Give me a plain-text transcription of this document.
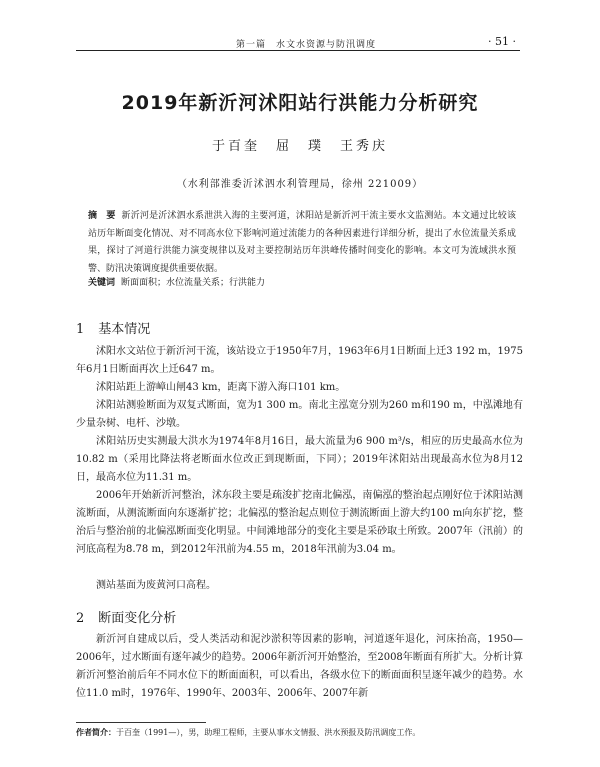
第一篇　水文水资源与防汛调度	· 51 ·
2019年新沂河沭阳站行洪能力分析研究
于百奎　屈　璞　王秀庆
（水利部淮委沂沭泗水利管理局，徐州 221009）
摘　要 新沂河是沂沭泗水系泄洪入海的主要河道，沭阳站是新沂河干流主要水文监测站。本文通过比较该站历年断面变化情况、对不同高水位下影响河道过流能力的各种因素进行详细分析，提出了水位流量关系成果，探讨了河道行洪能力演变规律以及对主要控制站历年洪峰传播时间变化的影响。本文可为流域洪水预警、防汛决策调度提供重要依据。
关键词 断面面积；水位流量关系；行洪能力
1 基本情况
沭阳水文站位于新沂河干流，该站设立于1950年7月，1963年6月1日断面上迁3 192 m，1975年6月1日断面再次上迁647 m。
沭阳站距上游嶂山闸43 km，距离下游入海口101 km。
沭阳站测验断面为双复式断面，宽为1 300 m。南北主泓宽分别为260 m和190 m，中泓滩地有少量杂树、电杆、沙墩。
沭阳站历史实测最大洪水为1974年8月16日，最大流量为6 900 m³/s，相应的历史最高水位为10.82 m（采用比降法将老断面水位改正到现断面，下同）；2019年沭阳站出现最高水位为8月12日，最高水位为11.31 m。
2006年开始新沂河整治，沭东段主要是疏浚扩挖南北偏泓，南偏泓的整治起点刚好位于沭阳站测流断面，从测流断面向东逐渐扩挖；北偏泓的整治起点则位于测流断面上游大约100 m向东扩挖，整治后与整治前的北偏泓断面变化明显。中间滩地部分的变化主要是采砂取土所致。2007年（汛前）的河底高程为8.78 m，到2012年汛前为4.55 m，2018年汛前为3.04 m。
测站基面为废黄河口高程。
2 断面变化分析
新沂河自建成以后，受人类活动和泥沙淤积等因素的影响，河道逐年退化，河床抬高，1950—2006年，过水断面有逐年减少的趋势。2006年新沂河开始整治，至2008年断面有所扩大。分析计算新沂河整治前后年不同水位下的断面面积，可以看出，各级水位下的断面面积呈逐年减少的趋势。水位11.0 m时，1976年、1990年、2003年、2006年、2007年新
作者简介：于百奎（1991—），男，助理工程师，主要从事水文情报、洪水预报及防汛调度工作。
